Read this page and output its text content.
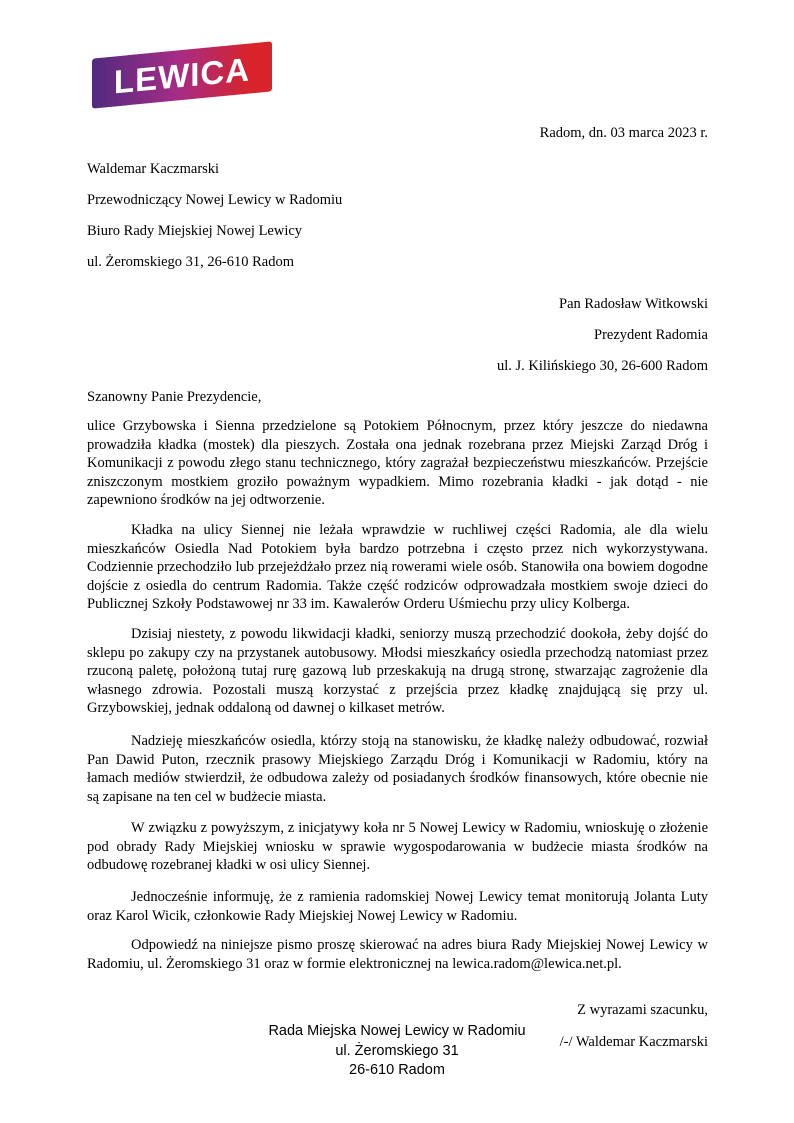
LEWICA
Radom, dn. 03 marca 2023 r.
Waldemar Kaczmarski
Przewodniczący Nowej Lewicy w Radomiu
Biuro Rady Miejskiej Nowej Lewicy
ul. Żeromskiego 31, 26-610 Radom
Pan Radosław Witkowski
Prezydent Radomia
ul. J. Kilińskiego 30, 26-600 Radom
Szanowny Panie Prezydencie,

ulice Grzybowska i Sienna przedzielone są Potokiem Północnym, przez który jeszcze do niedawna prowadziła kładka (mostek) dla pieszych. Została ona jednak rozebrana przez Miejski Zarząd Dróg i Komunikacji z powodu złego stanu technicznego, który zagrażał bezpieczeństwu mieszkańców. Przejście zniszczonym mostkiem groziło poważnym wypadkiem. Mimo rozebrania kładki - jak dotąd - nie zapewniono środków na jej odtworzenie.

Kładka na ulicy Siennej nie leżała wprawdzie w ruchliwej części Radomia, ale dla wielu mieszkańców Osiedla Nad Potokiem była bardzo potrzebna i często przez nich wykorzystywana. Codziennie przechodziło lub przejeżdżało przez nią rowerami wiele osób. Stanowiła ona bowiem dogodne dojście z osiedla do centrum Radomia. Także część rodziców odprowadzała mostkiem swoje dzieci do Publicznej Szkoły Podstawowej nr 33 im. Kawalerów Orderu Uśmiechu przy ulicy Kolberga.

Dzisiaj niestety, z powodu likwidacji kładki, seniorzy muszą przechodzić dookoła, żeby dojść do sklepu po zakupy czy na przystanek autobusowy. Młodsi mieszkańcy osiedla przechodzą natomiast przez rzuconą paletę, położoną tutaj rurę gazową lub przeskakują na drugą stronę, stwarzając zagrożenie dla własnego zdrowia. Pozostali muszą korzystać z przejścia przez kładkę znajdującą się przy ul. Grzybowskiej, jednak oddaloną od dawnej o kilkaset metrów.

Nadzieję mieszkańców osiedla, którzy stoją na stanowisku, że kładkę należy odbudować, rozwiał Pan Dawid Puton, rzecznik prasowy Miejskiego Zarządu Dróg i Komunikacji w Radomiu, który na łamach mediów stwierdził, że odbudowa zależy od posiadanych środków finansowych, które obecnie nie są zapisane na ten cel w budżecie miasta.

W związku z powyższym, z inicjatywy koła nr 5 Nowej Lewicy w Radomiu, wnioskuję o złożenie pod obrady Rady Miejskiej wniosku w sprawie wygospodarowania w budżecie miasta środków na odbudowę rozebranej kładki w osi ulicy Siennej.

Jednocześnie informuję, że z ramienia radomskiej Nowej Lewicy temat monitorują Jolanta Luty oraz Karol Wicik, członkowie Rady Miejskiej Nowej Lewicy w Radomiu.

Odpowiedź na niniejsze pismo proszę skierować na adres biura Rady Miejskiej Nowej Lewicy w Radomiu, ul. Żeromskiego 31 oraz w formie elektronicznej na lewica.radom@lewica.net.pl.

Z wyrazami szacunku,
/-/ Waldemar Kaczmarski
Rada Miejska Nowej Lewicy w Radomiu
ul. Żeromskiego 31
26-610 Radom
